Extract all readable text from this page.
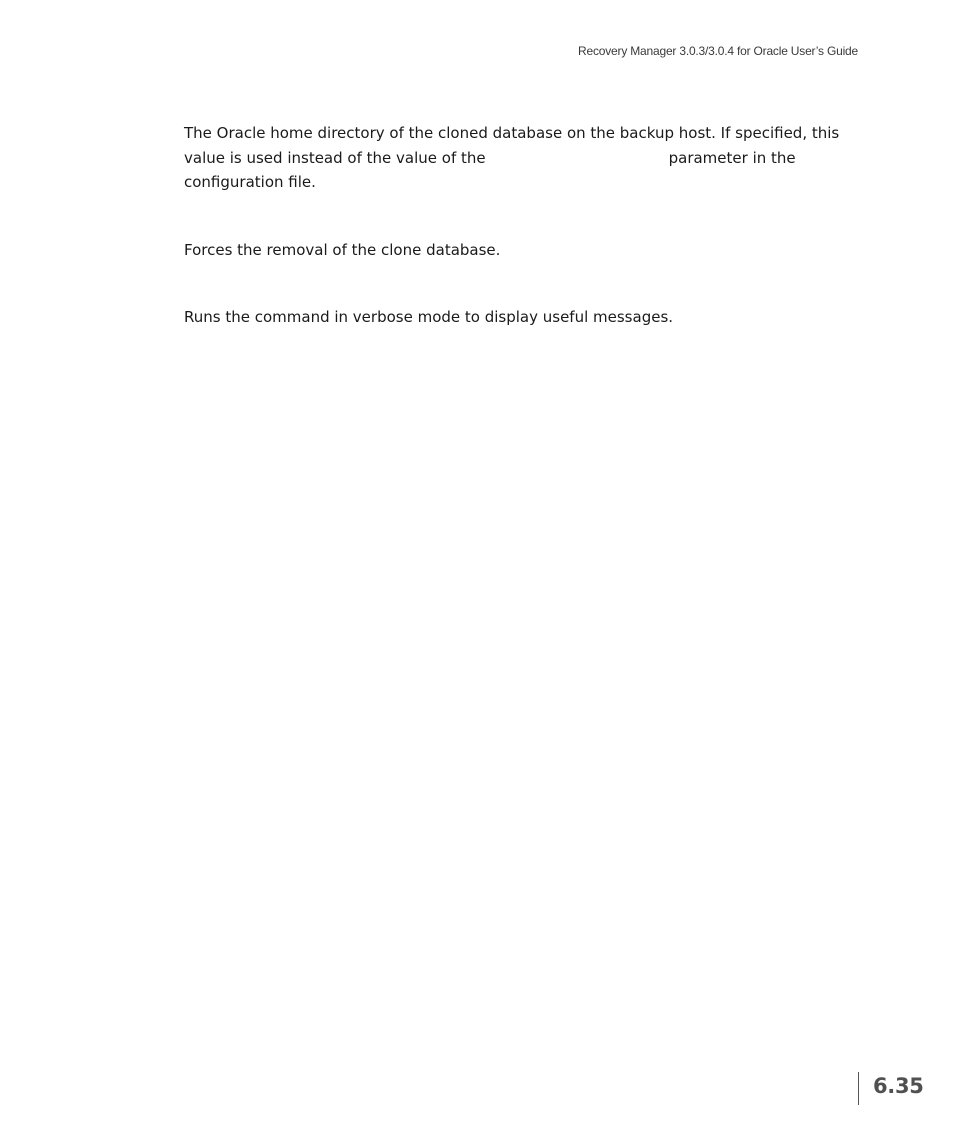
Recovery Manager 3.0.3/3.0.4 for Oracle User’s Guide
The Oracle home directory of the cloned database on the backup host. If specified, this
value is used instead of the value of the	parameter in the
configuration file.
Forces the removal of the clone database.
Runs the command in verbose mode to display useful messages.
6.35
